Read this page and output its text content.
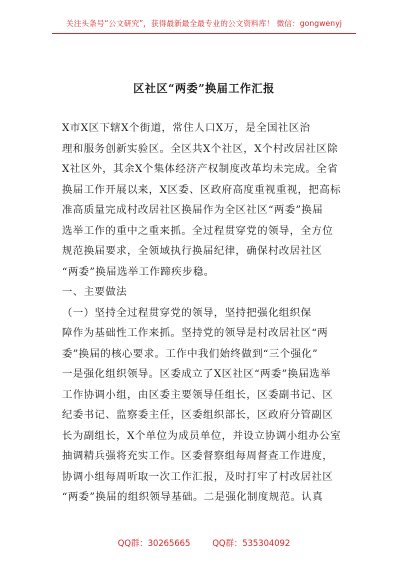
关注头条号“公文研究”，获得最新最全最专业的公文资料库！ 微信：gongwenyj
区社区“两委”换届工作汇报
X市X区下辖X个街道，常住人口X万，是全国社区治
理和服务创新实验区。全区共X个社区，X个村改居社区除
X社区外，其余X个集体经济产权制度改革均未完成。全省
换届工作开展以来，X区委、区政府高度重视重视，把高标
准高质量完成村改居社区换届作为全区社区“两委”换届
选举工作的重中之重来抓。全过程贯穿党的领导，全方位
规范换届要求，全领域执行换届纪律，确保村改居社区
“两委”换届选举工作蹄疾步稳。
一、主要做法
（一）坚持全过程贯穿党的领导，坚持把强化组织保
障作为基础性工作来抓。坚持党的领导是村改居社区“两
委”换届的核心要求。工作中我们始终做到“三个强化”
一是强化组织领导。区委成立了X区社区“两委”换届选举
工作协调小组，由区委主要领导任组长，区委副书记、区
纪委书记、监察委主任，区委组织部长，区政府分管副区
长为副组长，X个单位为成员单位，并设立协调小组办公室
抽调精兵强将充实工作。区委督察组每周督查工作进度，
协调小组每周听取一次工作汇报，及时打牢了村改居社区
“两委”换届的组织领导基础。二是强化制度规范。认真
QQ群：30265665	QQ群：535304092
